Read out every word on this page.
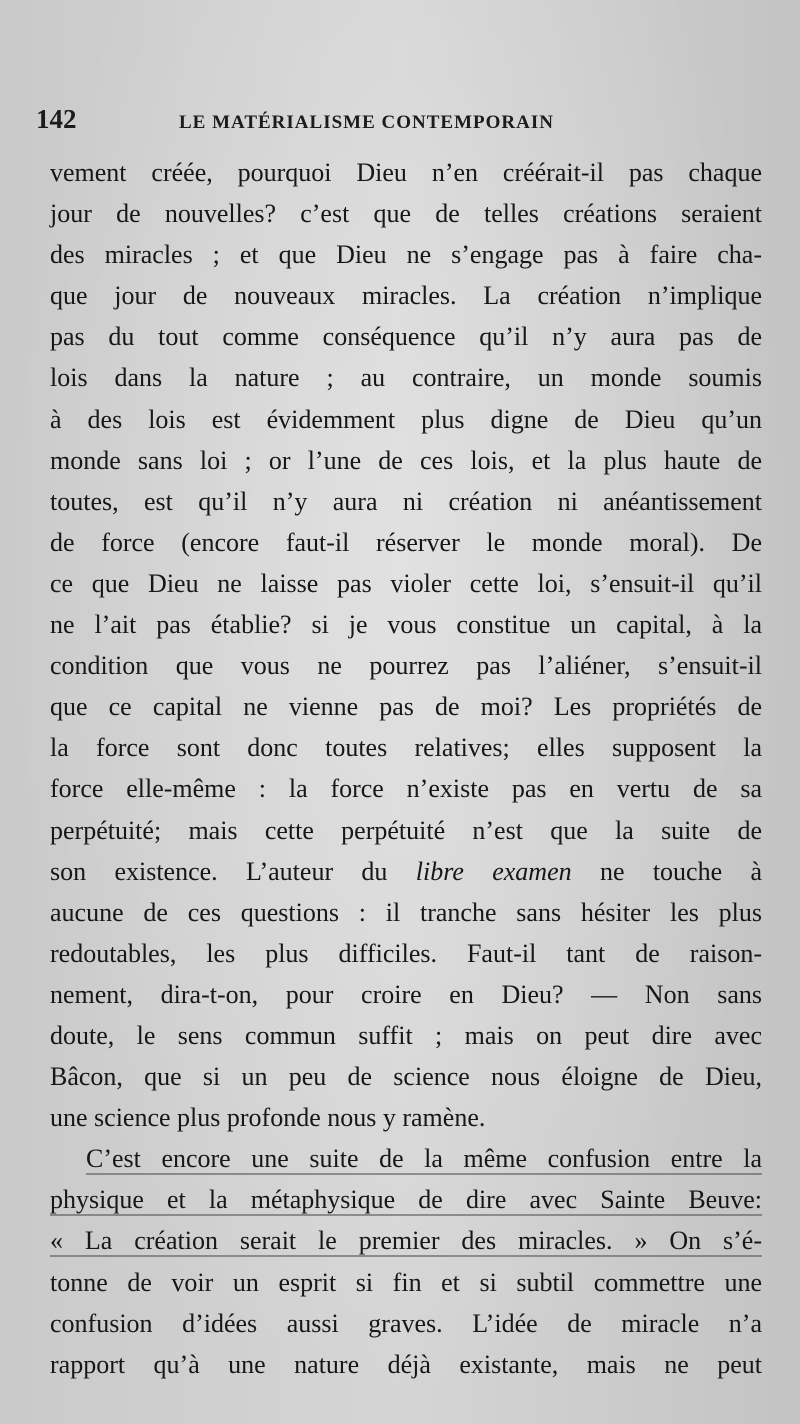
142	LE MATÉRIALISME CONTEMPORAIN
vement créée, pourquoi Dieu n’en créérait-il pas chaque
jour de nouvelles? c’est que de telles créations seraient
des miracles ; et que Dieu ne s’engage pas à faire cha-
que jour de nouveaux miracles. La création n’implique
pas du tout comme conséquence qu’il n’y aura pas de
lois dans la nature ; au contraire, un monde soumis
à des lois est évidemment plus digne de Dieu qu’un
monde sans loi ; or l’une de ces lois, et la plus haute de
toutes, est qu’il n’y aura ni création ni anéantissement
de force (encore faut-il réserver le monde moral). De
ce que Dieu ne laisse pas violer cette loi, s’ensuit-il qu’il
ne l’ait pas établie? si je vous constitue un capital, à la
condition que vous ne pourrez pas l’aliéner, s’ensuit-il
que ce capital ne vienne pas de moi? Les propriétés de
la force sont donc toutes relatives; elles supposent la
force elle-même : la force n’existe pas en vertu de sa
perpétuité; mais cette perpétuité n’est que la suite de
son existence. L’auteur du libre examen ne touche à
aucune de ces questions : il tranche sans hésiter les plus
redoutables, les plus difficiles. Faut-il tant de raison-
nement, dira-t-on, pour croire en Dieu? — Non sans
doute, le sens commun suffit ; mais on peut dire avec
Bâcon, que si un peu de science nous éloigne de Dieu,
une science plus profonde nous y ramène.
C’est encore une suite de la même confusion entre la
physique et la métaphysique de dire avec Sainte Beuve:
« La création serait le premier des miracles. » On s’é-
tonne de voir un esprit si fin et si subtil commettre une
confusion d’idées aussi graves. L’idée de miracle n’a
rapport qu’à une nature déjà existante, mais ne peut
